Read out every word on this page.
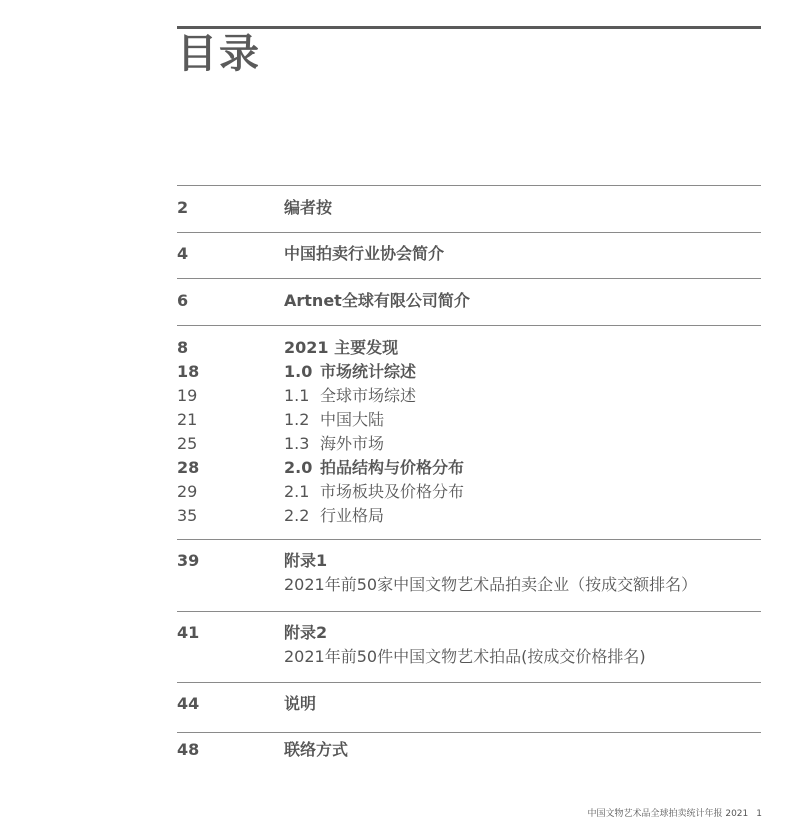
目录
2	编者按
4	中国拍卖行业协会简介
6	Artnet全球有限公司简介
8	2021 主要发现
18	1.0 市场统计综述
19	1.1 全球市场综述
21	1.2 中国大陆
25	1.3 海外市场
28	2.0 拍品结构与价格分布
29	2.1 市场板块及价格分布
35	2.2 行业格局
39	附录1
2021年前50家中国文物艺术品拍卖企业（按成交额排名）
41	附录2
2021年前50件中国文物艺术拍品(按成交价格排名)
44	说明
48	联络方式
中国文物艺术品全球拍卖统计年报 2021 1
